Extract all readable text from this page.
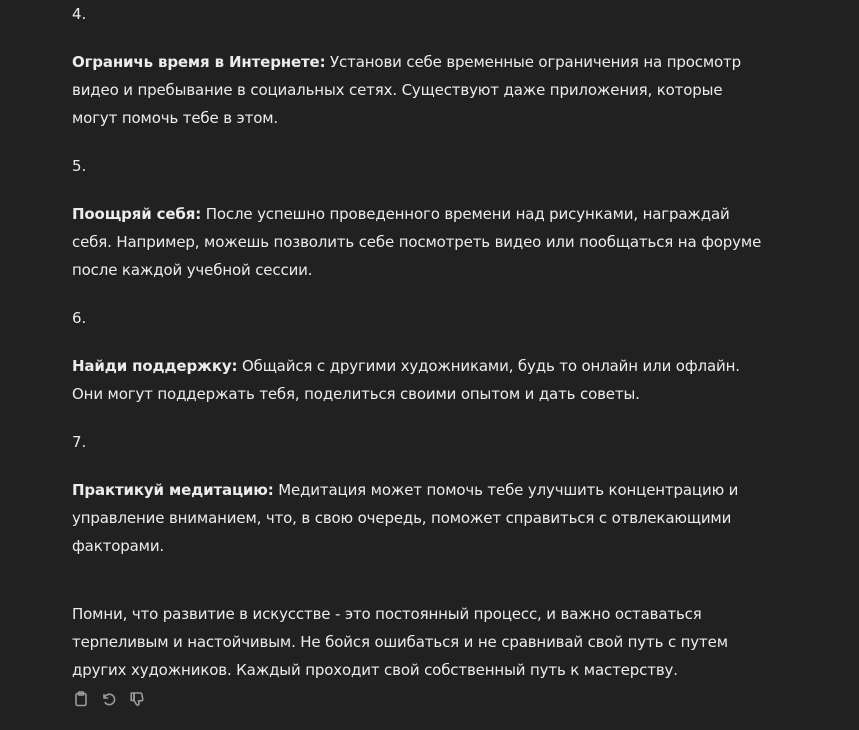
4.

Ограничь время в Интернете: Установи себе временные ограничения на просмотр видео и пребывание в социальных сетях. Существуют даже приложения, которые могут помочь тебе в этом.

5.

Поощряй себя: После успешно проведенного времени над рисунками, награждай себя. Например, можешь позволить себе посмотреть видео или пообщаться на форуме после каждой учебной сессии.

6.

Найди поддержку: Общайся с другими художниками, будь то онлайн или офлайн. Они могут поддержать тебя, поделиться своими опытом и дать советы.

7.

Практикуй медитацию: Медитация может помочь тебе улучшить концентрацию и управление вниманием, что, в свою очередь, поможет справиться с отвлекающими факторами.

Помни, что развитие в искусстве - это постоянный процесс, и важно оставаться терпеливым и настойчивым. Не бойся ошибаться и не сравнивай свой путь с путем других художников. Каждый проходит свой собственный путь к мастерству.
